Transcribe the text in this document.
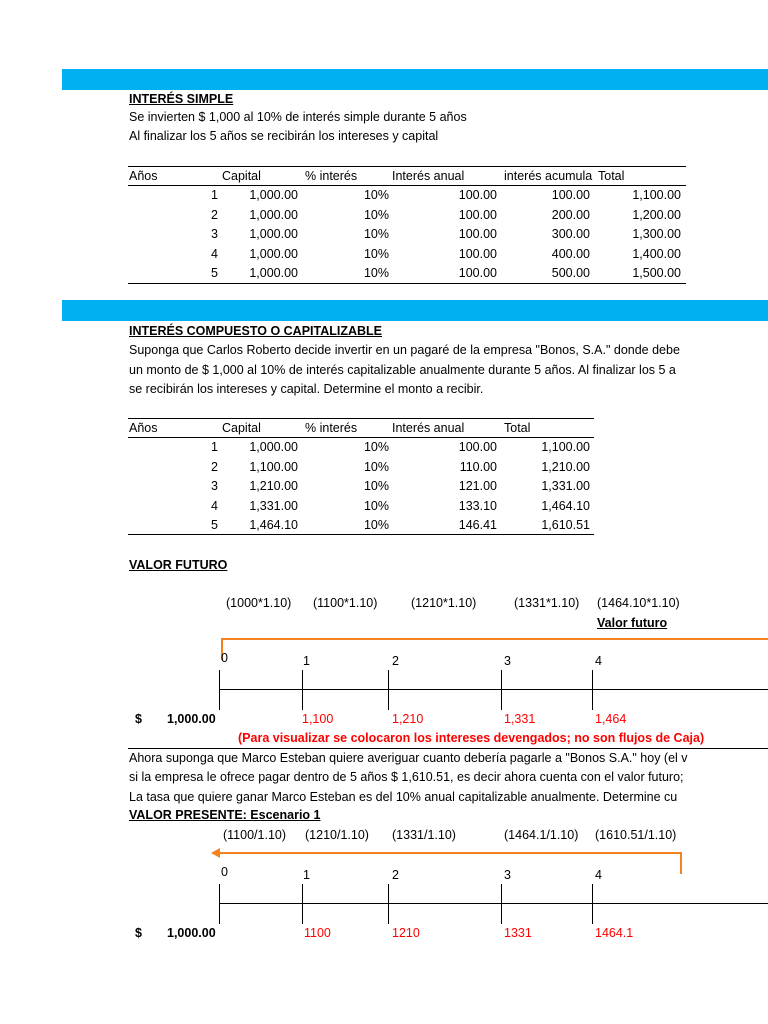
INTERÉS SIMPLE
Se invierten $ 1,000 al 10% de interés simple durante 5 años
Al finalizar los 5 años se recibirán los intereses y capital
Años	Capital	% interés	Interés anual	interés acumula Total
1	1,000.00	10%	100.00	100.00	1,100.00
2	1,000.00	10%	100.00	200.00	1,200.00
3	1,000.00	10%	100.00	300.00	1,300.00
4	1,000.00	10%	100.00	400.00	1,400.00
5	1,000.00	10%	100.00	500.00	1,500.00
INTERÉS COMPUESTO O CAPITALIZABLE
Suponga que Carlos Roberto decide invertir en un pagaré de la empresa "Bonos, S.A." donde debe
un monto de $ 1,000 al 10% de interés capitalizable anualmente durante 5 años. Al finalizar los 5 a
se recibirán los intereses y capital. Determine el monto a recibir.
Años	Capital	% interés	Interés anual	Total
1	1,000.00	10%	100.00	1,100.00
2	1,100.00	10%	110.00	1,210.00
3	1,210.00	10%	121.00	1,331.00
4	1,331.00	10%	133.10	1,464.10
5	1,464.10	10%	146.41	1,610.51
VALOR FUTURO
(1000*1.10) (1100*1.10)	(1210*1.10)	(1331*1.10) (1464.10*1.10)
Valor futuro
0	1	2	3	4
$ 1,000.00	1,100	1,210	1,331	1,464
(Para visualizar se colocaron los intereses devengados; no son flujos de Caja)
Ahora suponga que Marco Esteban quiere averiguar cuanto debería pagarle a "Bonos S.A." hoy (el v
si la empresa le ofrece pagar dentro de 5 años $ 1,610.51, es decir ahora cuenta con el valor futuro;
La tasa que quiere ganar Marco Esteban es del 10% anual capitalizable anualmente. Determine cu
VALOR PRESENTE: Escenario 1
(1100/1.10) (1210/1.10) (1331/1.10)	(1464.1/1.10) (1610.51/1.10)
0	1	2	3	4
$ 1,000.00	1100	1210	1331	1464.1
